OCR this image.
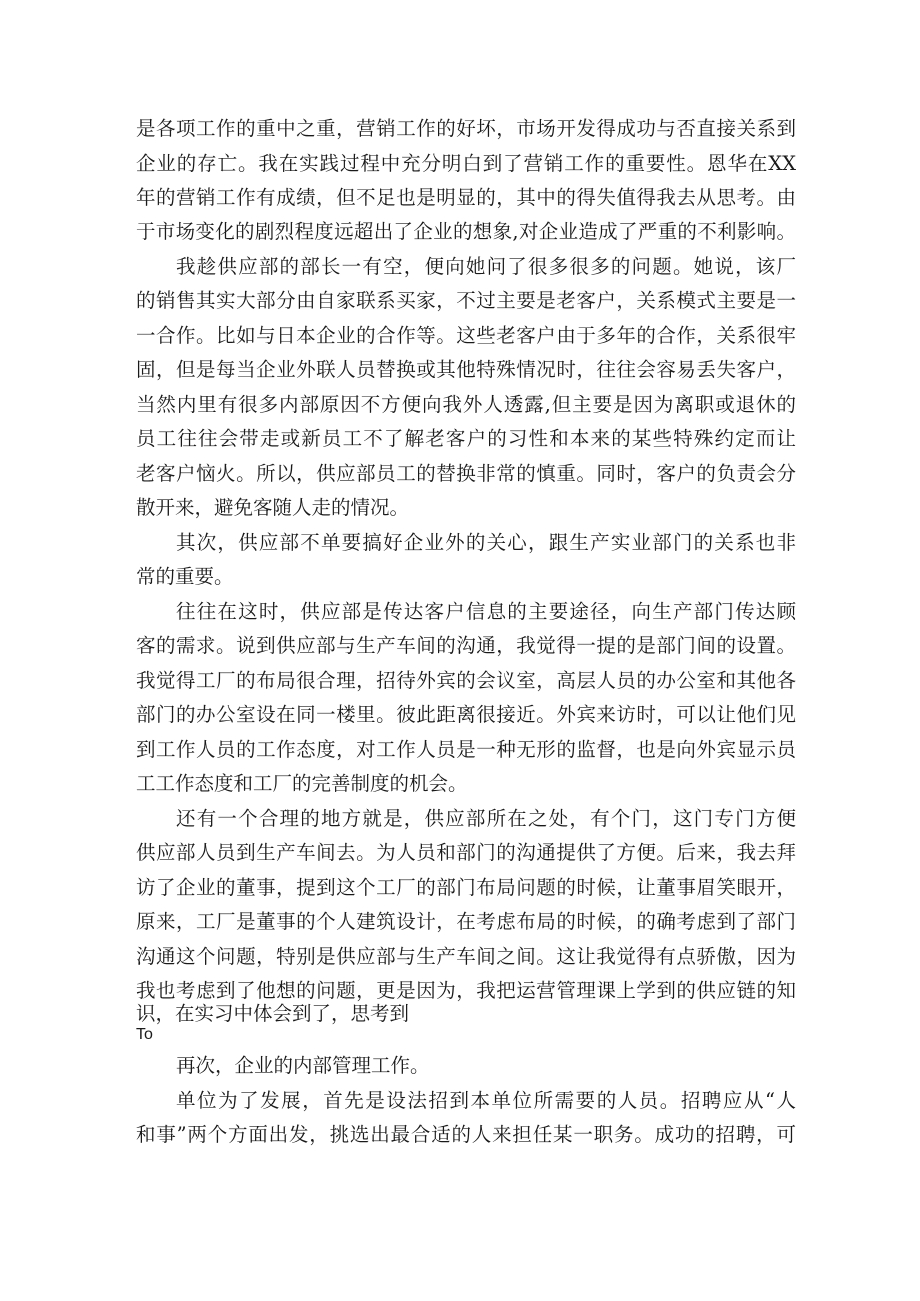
是各项工作的重中之重，营销工作的好坏，市场开发得成功与否直接关系到
企业的存亡。我在实践过程中充分明白到了营销工作的重要性。恩华在XX
年的营销工作有成绩，但不足也是明显的，其中的得失值得我去从思考。由
于市场变化的剧烈程度远超出了企业的想象,对企业造成了严重的不利影响。
我趁供应部的部长一有空，便向她问了很多很多的问题。她说，该厂
的销售其实大部分由自家联系买家，不过主要是老客户，关系模式主要是一
一合作。比如与日本企业的合作等。这些老客户由于多年的合作，关系很牢
固，但是每当企业外联人员替换或其他特殊情况时，往往会容易丢失客户，
当然内里有很多内部原因不方便向我外人透露,但主要是因为离职或退休的
员工往往会带走或新员工不了解老客户的习性和本来的某些特殊约定而让
老客户恼火。所以，供应部员工的替换非常的慎重。同时，客户的负责会分
散开来，避免客随人走的情况。
其次，供应部不单要搞好企业外的关心，跟生产实业部门的关系也非
常的重要。
往往在这时，供应部是传达客户信息的主要途径，向生产部门传达顾
客的需求。说到供应部与生产车间的沟通，我觉得一提的是部门间的设置。
我觉得工厂的布局很合理，招待外宾的会议室，高层人员的办公室和其他各
部门的办公室设在同一楼里。彼此距离很接近。外宾来访时，可以让他们见
到工作人员的工作态度，对工作人员是一种无形的监督，也是向外宾显示员
工工作态度和工厂的完善制度的机会。
还有一个合理的地方就是，供应部所在之处，有个门，这门专门方便
供应部人员到生产车间去。为人员和部门的沟通提供了方便。后来，我去拜
访了企业的董事，提到这个工厂的部门布局问题的时候，让董事眉笑眼开，
原来，工厂是董事的个人建筑设计，在考虑布局的时候，的确考虑到了部门
沟通这个问题，特别是供应部与生产车间之间。这让我觉得有点骄傲，因为
我也考虑到了他想的问题，更是因为，我把运营管理课上学到的供应链的知
识，在实习中体会到了，思考到
To
再次，企业的内部管理工作。
单位为了发展，首先是设法招到本单位所需要的人员。招聘应从“人
和事”两个方面出发，挑选出最合适的人来担任某一职务。成功的招聘，可
